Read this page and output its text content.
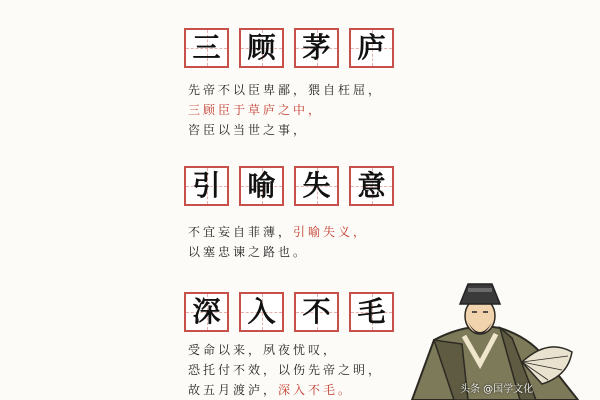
三 顾 茅 庐
先帝不以臣卑鄙，猥自枉屈，
三顾臣于草庐之中，
咨臣以当世之事，
引 喻 失 意
不宜妄自菲薄，引喻失义，
以塞忠谏之路也。
深 入 不 毛
受命以来，夙夜忧叹，
恐托付不效，以伤先帝之明，
故五月渡泸，深入不毛。	头条 @国学文化
